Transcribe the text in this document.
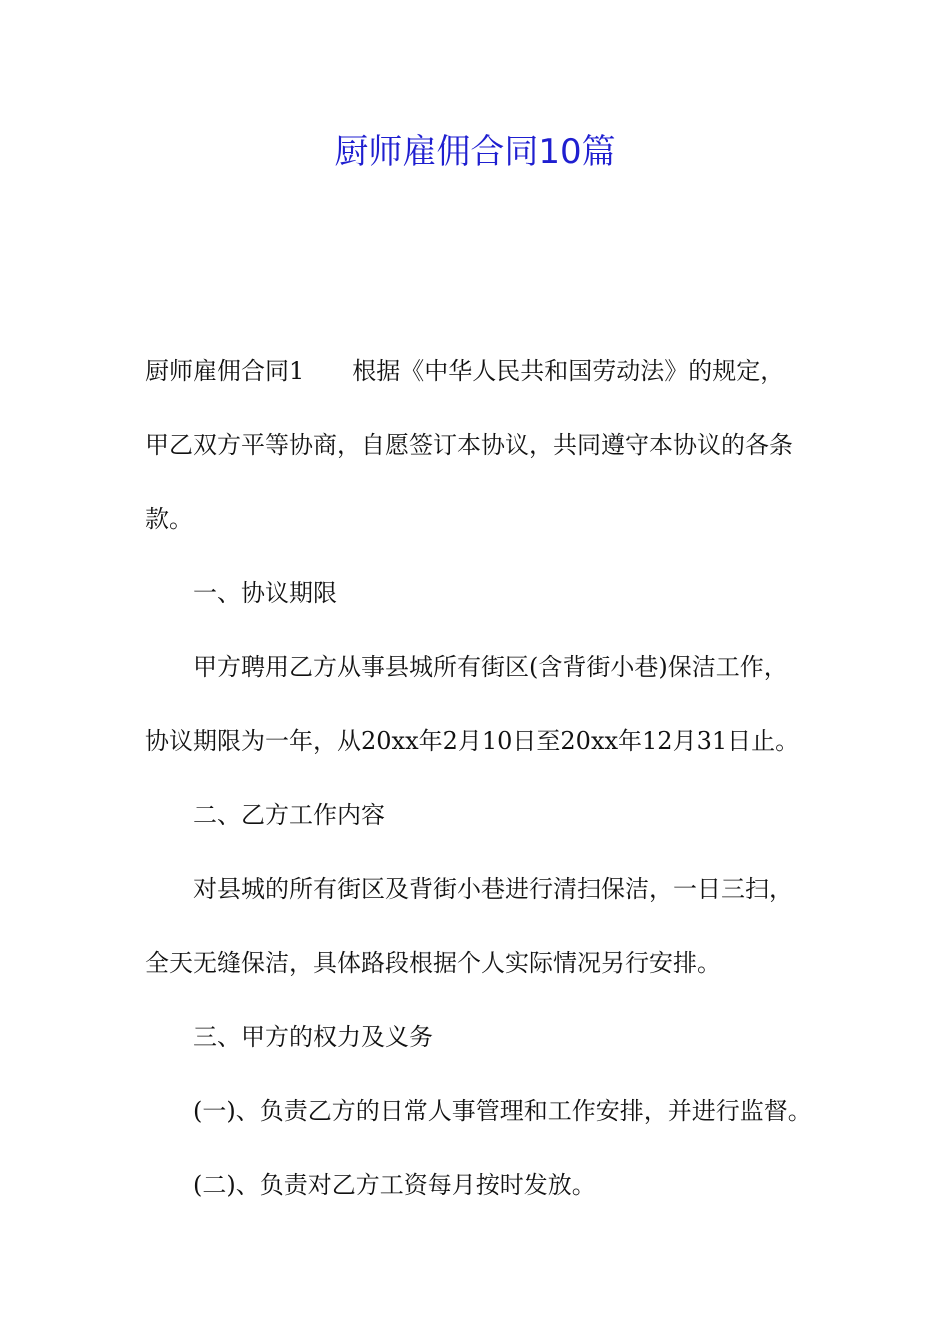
厨师雇佣合同10篇

厨师雇佣合同1　　根据《中华人民共和国劳动法》的规定，

甲乙双方平等协商，自愿签订本协议，共同遵守本协议的各条

款。

一、协议期限

甲方聘用乙方从事县城所有街区(含背街小巷)保洁工作，

协议期限为一年，从20xx年2月10日至20xx年12月31日止。

二、乙方工作内容

对县城的所有街区及背街小巷进行清扫保洁，一日三扫，

全天无缝保洁，具体路段根据个人实际情况另行安排。

三、甲方的权力及义务

(一)、负责乙方的日常人事管理和工作安排，并进行监督。

(二)、负责对乙方工资每月按时发放。
